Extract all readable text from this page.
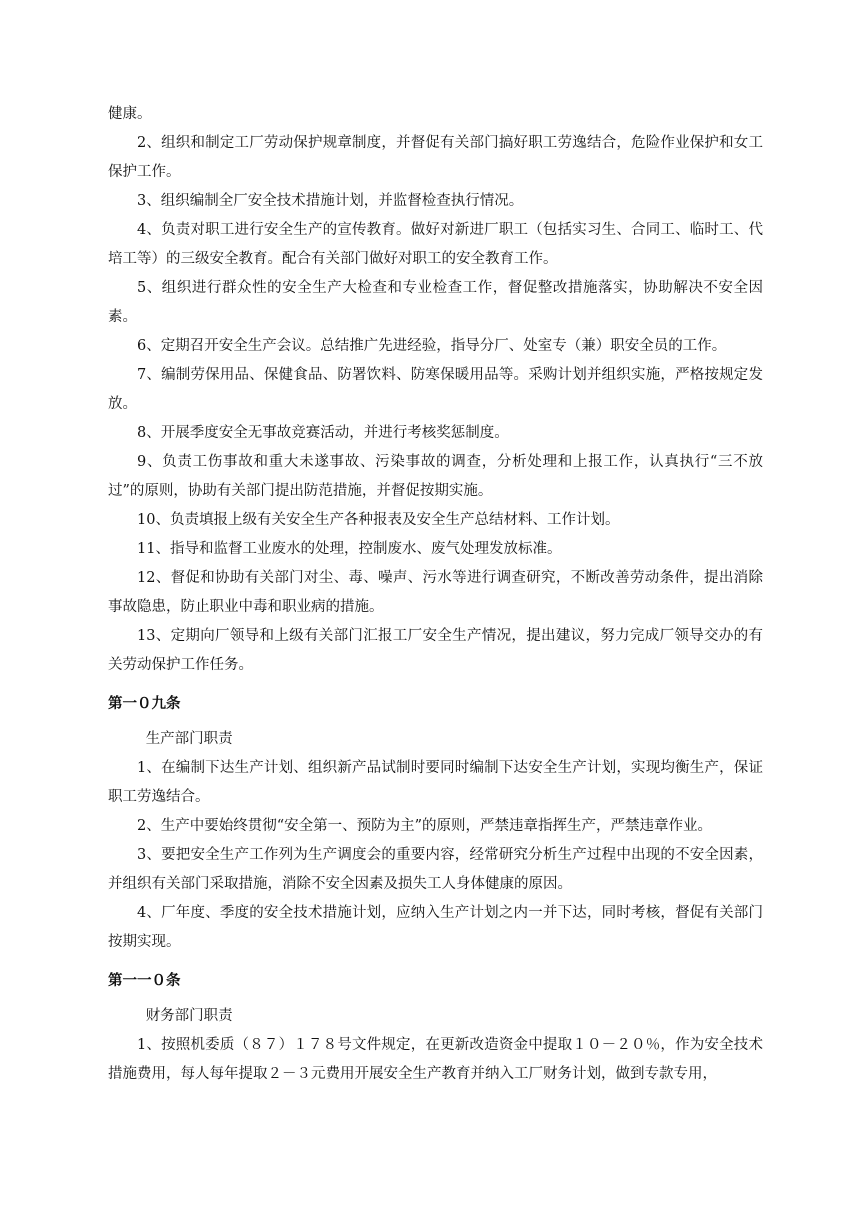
健康。

2、组织和制定工厂劳动保护规章制度，并督促有关部门搞好职工劳逸结合，危险作业保护和女工保护工作。

3、组织编制全厂安全技术措施计划，并监督检查执行情况。

4、负责对职工进行安全生产的宣传教育。做好对新进厂职工（包括实习生、合同工、临时工、代培工等）的三级安全教育。配合有关部门做好对职工的安全教育工作。

5、组织进行群众性的安全生产大检查和专业检查工作，督促整改措施落实，协助解决不安全因素。

6、定期召开安全生产会议。总结推广先进经验，指导分厂、处室专（兼）职安全员的工作。

7、编制劳保用品、保健食品、防署饮料、防寒保暖用品等。采购计划并组织实施，严格按规定发放。

8、开展季度安全无事故竞赛活动，并进行考核奖惩制度。

9、负责工伤事故和重大未遂事故、污染事故的调查，分析处理和上报工作，认真执行“三不放过”的原则，协助有关部门提出防范措施，并督促按期实施。

10、负责填报上级有关安全生产各种报表及安全生产总结材料、工作计划。

11、指导和监督工业废水的处理，控制废水、废气处理发放标准。

12、督促和协助有关部门对尘、毒、噪声、污水等进行调查研究，不断改善劳动条件，提出消除事故隐患，防止职业中毒和职业病的措施。

13、定期向厂领导和上级有关部门汇报工厂安全生产情况，提出建议，努力完成厂领导交办的有关劳动保护工作任务。

第一０九条

生产部门职责

1、在编制下达生产计划、组织新产品试制时要同时编制下达安全生产计划，实现均衡生产，保证职工劳逸结合。

2、生产中要始终贯彻“安全第一、预防为主”的原则，严禁违章指挥生产，严禁违章作业。

3、要把安全生产工作列为生产调度会的重要内容，经常研究分析生产过程中出现的不安全因素，并组织有关部门采取措施，消除不安全因素及损失工人身体健康的原因。

4、厂年度、季度的安全技术措施计划，应纳入生产计划之内一并下达，同时考核，督促有关部门按期实现。

第一一０条

财务部门职责

1、按照机委质（８７）１７８号文件规定，在更新改造资金中提取１０－２０％，作为安全技术措施费用，每人每年提取２－３元费用开展安全生产教育并纳入工厂财务计划，做到专款专用，
